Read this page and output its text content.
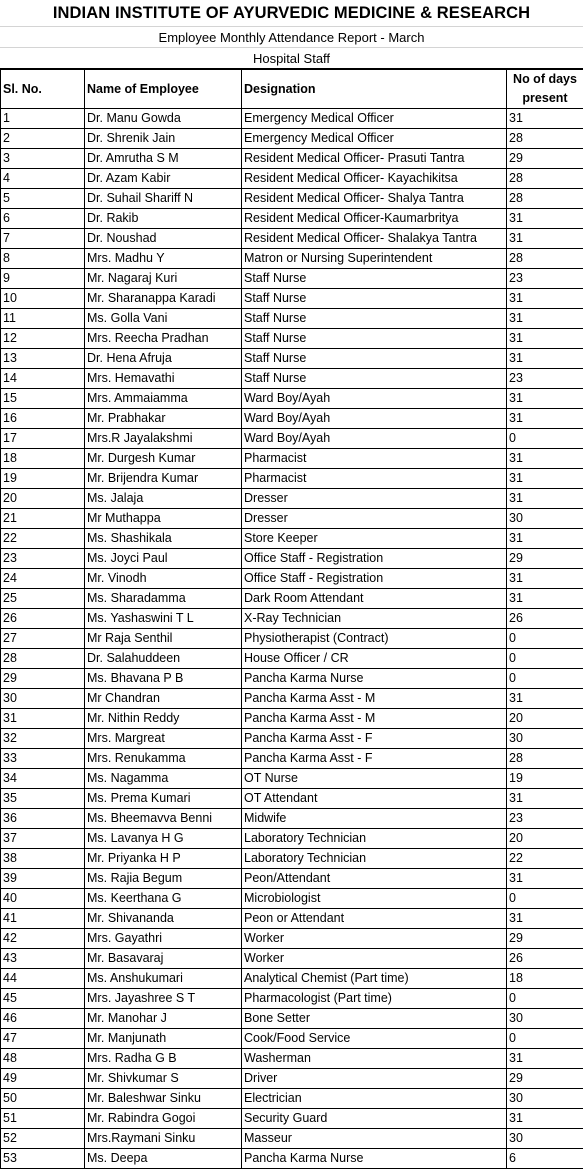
INDIAN INSTITUTE OF AYURVEDIC MEDICINE & RESEARCH
Employee Monthly Attendance Report - March
Hospital Staff
Sl. No.	Name of Employee	Designation	No of days
present
1	Dr. Manu Gowda	Emergency Medical Officer	31
2	Dr. Shrenik Jain	Emergency Medical Officer	28
3	Dr. Amrutha S M	Resident Medical Officer- Prasuti Tantra	29
4	Dr. Azam Kabir	Resident Medical Officer- Kayachikitsa	28
5	Dr. Suhail Shariff N	Resident Medical Officer- Shalya Tantra	28
6	Dr. Rakib	Resident Medical Officer-Kaumarbritya	31
7	Dr. Noushad	Resident Medical Officer- Shalakya Tantra	31
8	Mrs. Madhu Y	Matron or Nursing Superintendent	28
9	Mr. Nagaraj Kuri	Staff Nurse	23
10	Mr. Sharanappa Karadi	Staff Nurse	31
11	Ms. Golla Vani	Staff Nurse	31
12	Mrs. Reecha Pradhan	Staff Nurse	31
13	Dr. Hena Afruja	Staff Nurse	31
14	Mrs. Hemavathi	Staff Nurse	23
15	Mrs. Ammaiamma	Ward Boy/Ayah	31
16	Mr. Prabhakar	Ward Boy/Ayah	31
17	Mrs.R Jayalakshmi	Ward Boy/Ayah	0
18	Mr. Durgesh Kumar	Pharmacist	31
19	Mr. Brijendra Kumar	Pharmacist	31
20	Ms. Jalaja	Dresser	31
21	Mr Muthappa	Dresser	30
22	Ms. Shashikala	Store Keeper	31
23	Ms. Joyci Paul	Office Staff - Registration	29
24	Mr. Vinodh	Office Staff - Registration	31
25	Ms. Sharadamma	Dark Room Attendant	31
26	Ms. Yashaswini T L	X-Ray Technician	26
27	Mr Raja Senthil	Physiotherapist (Contract)	0
28	Dr. Salahuddeen	House Officer / CR	0
29	Ms. Bhavana P B	Pancha Karma Nurse	0
30	Mr Chandran	Pancha Karma Asst - M	31
31	Mr. Nithin Reddy	Pancha Karma Asst - M	20
32	Mrs. Margreat	Pancha Karma Asst - F	30
33	Mrs. Renukamma	Pancha Karma Asst - F	28
34	Ms. Nagamma	OT Nurse	19
35	Ms. Prema Kumari	OT Attendant	31
36	Ms. Bheemavva Benni	Midwife	23
37	Ms. Lavanya H G	Laboratory Technician	20
38	Mr. Priyanka H P	Laboratory Technician	22
39	Ms. Rajia Begum	Peon/Attendant	31
40	Ms. Keerthana G	Microbiologist	0
41	Mr. Shivananda	Peon or Attendant	31
42	Mrs. Gayathri	Worker	29
43	Mr. Basavaraj	Worker	26
44	Ms. Anshukumari	Analytical Chemist (Part time)	18
45	Mrs. Jayashree S T	Pharmacologist (Part time)	0
46	Mr. Manohar J	Bone Setter	30
47	Mr. Manjunath	Cook/Food Service	0
48	Mrs. Radha G B	Washerman	31
49	Mr. Shivkumar S	Driver	29
50	Mr. Baleshwar Sinku	Electrician	30
51	Mr. Rabindra Gogoi	Security Guard	31
52	Mrs.Raymani Sinku	Masseur	30
53	Ms. Deepa	Pancha Karma Nurse	6
